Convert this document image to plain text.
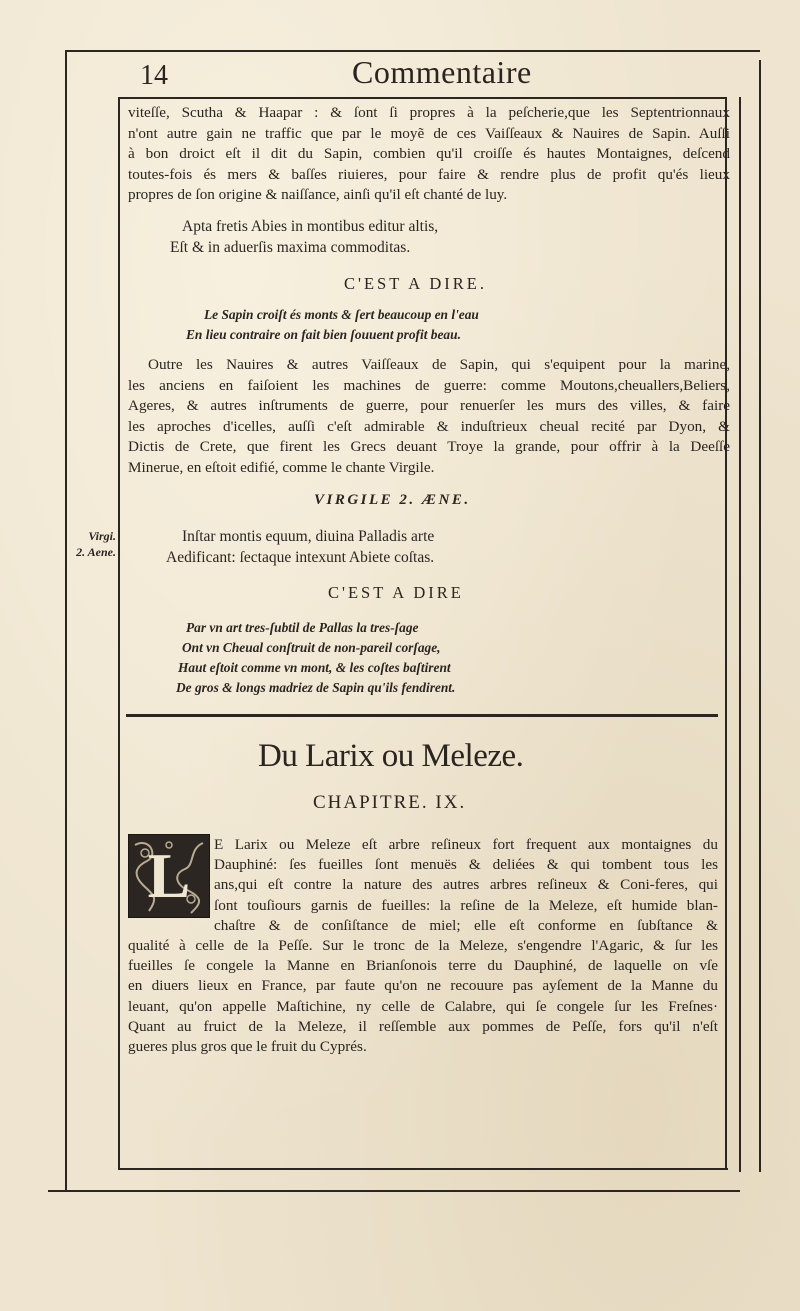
14	Commentaire
viteſſe, Scutha & Haapar : & ſont ſi propres à la peſcherie,que les Septentrionnaux
n'ont autre gain ne traffic que par le moyẽ de ces Vaiſſeaux & Nauires de Sapin. Auſſi
à bon droict eſt il dit du Sapin, combien qu'il croiſſe és hautes Montaignes, deſcend
toutes-fois és mers & baſſes riuieres, pour faire & rendre plus de profit qu'és lieux
propres de ſon origine & naiſſance, ainſi qu'il eſt chanté de luy.
Apta fretis Abies in montibus editur altis,
Eſt & in aduerſis maxima commoditas.
C'EST A DIRE.
Le Sapin croiſt és monts & ſert beaucoup en l'eau
En lieu contraire on fait bien ſouuent profit beau.
Outre les Nauires & autres Vaiſſeaux de Sapin, qui s'equipent pour la marine,
les anciens en faiſoient les machines de guerre: comme Moutons,cheuallers,Beliers,
Ageres, & autres inſtruments de guerre, pour renuerſer les murs des villes, & faire
les aproches d'icelles, auſſi c'eſt admirable & induſtrieux cheual recité par Dyon, &
Dictis de Crete, que firent les Grecs deuant Troye la grande, pour offrir à la Deeſſe
Minerue, en eſtoit edifié, comme le chante Virgile.
VIRGILE 2. ÆNE.
Virgi.
2. Aene.
Inſtar montis equum, diuina Palladis arte
Aedificant: ſectaque intexunt Abiete coſtas.
C'EST A DIRE
Par vn art tres-ſubtil de Pallas la tres-ſage
Ont vn Cheual conſtruit de non-pareil corſage,
Haut eſtoit comme vn mont, & les coſtes baſtirent
De gros & longs madriez de Sapin qu'ils fendirent.
Du Larix ou Meleze.
CHAPITRE. IX.
L	E Larix ou Meleze eſt arbre reſineux fort frequent aux montaignes du
Dauphiné: ſes fueilles ſont menuës & deliées & qui tombent tous les
ans,qui eſt contre la nature des autres arbres reſineux & Coni-feres, qui
ſont touſiours garnis de fueilles: la reſine de la Meleze, eſt humide blan-
chaſtre & de conſiſtance de miel; elle eſt conforme en ſubſtance &
qualité à celle de la Peſſe. Sur le tronc de la Meleze, s'engendre l'Agaric, & ſur les
fueilles ſe congele la Manne en Brianſonois terre du Dauphiné, de laquelle on vſe
en diuers lieux en France, par faute qu'on ne recouure pas ayſement de la Manne du
leuant, qu'on appelle Maſtichine, ny celle de Calabre, qui ſe congele ſur les Freſnes·
Quant au fruict de la Meleze, il reſſemble aux pommes de Peſſe, fors qu'il n'eſt
gueres plus gros que le fruit du Cyprés.
